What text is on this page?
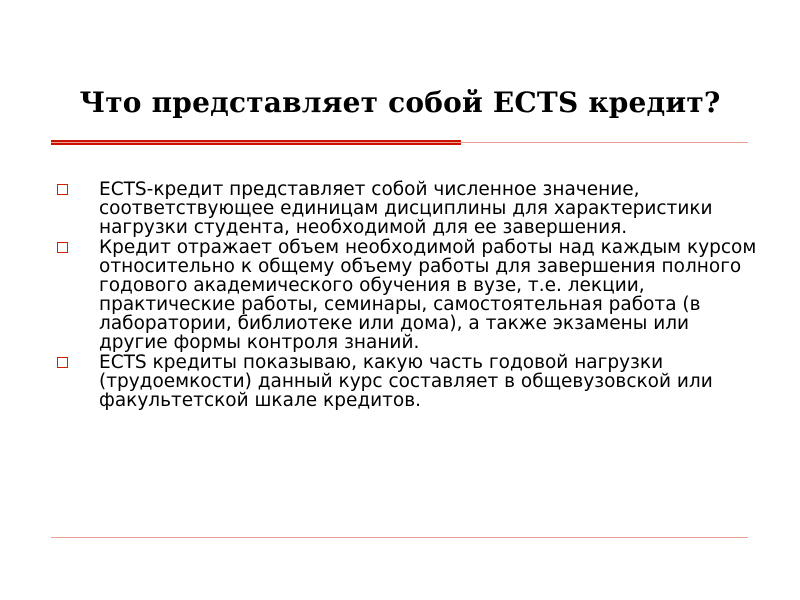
Что представляет собой ECTS кредит?
ECTS-кредит представляет собой численное значение, соответствующее единицам дисциплины для характеристики нагрузки студента, необходимой для ее завершения.
Кредит отражает объем необходимой работы над каждым курсом относительно к общему объему работы для завершения полного годового академического обучения в вузе, т.е. лекции, практические работы, семинары, самостоятельная работа (в лаборатории, библиотеке или дома), а также экзамены или другие формы контроля знаний.
ECTS кредиты показываю, какую часть годовой нагрузки (трудоемкости) данный курс составляет в общевузовской или факультетской шкале кредитов.
